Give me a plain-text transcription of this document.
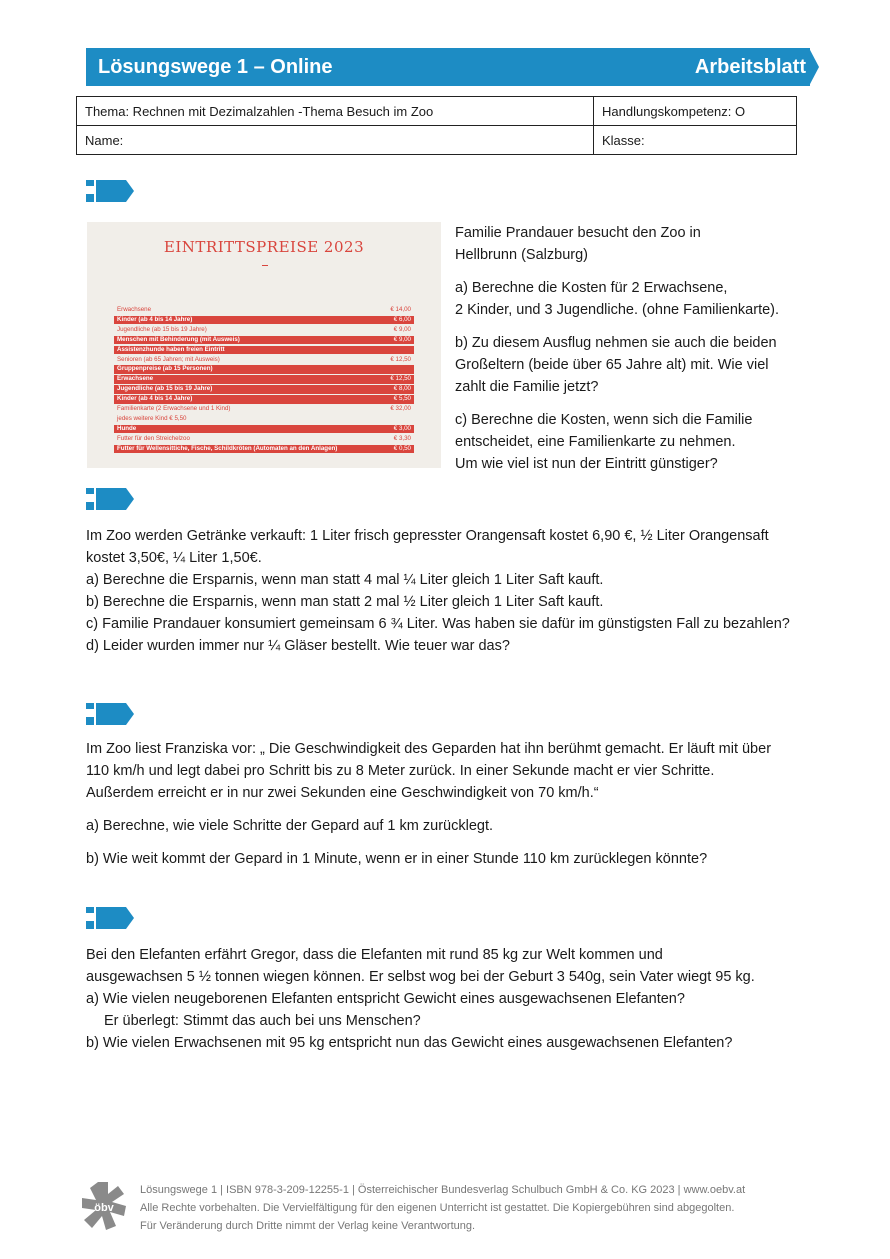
Lösungswege 1 – Online	Arbeitsblatt
Thema: Rechnen mit Dezimalzahlen -Thema Besuch im Zoo	Handlungskompetenz: O
Name:	Klasse:
EINTRITTSPREISE 2023
Erwachsene	€ 14,00
Kinder (ab 4 bis 14 Jahre)	€ 6,00
Jugendliche (ab 15 bis 19 Jahre)	€ 9,00
Menschen mit Behinderung (mit Ausweis)	€ 9,00
Assistenzhunde haben freien Eintritt
Senioren (ab 65 Jahren; mit Ausweis)	€ 12,50
Gruppenpreise (ab 15 Personen)
Erwachsene	€ 12,50
Jugendliche (ab 15 bis 19 Jahre)	€ 8,00
Kinder (ab 4 bis 14 Jahre)	€ 5,50
Familienkarte (2 Erwachsene und 1 Kind)	€ 32,00
jedes weitere Kind € 5,50
Hunde	€ 3,00
Futter für den Streichelzoo	€ 3,30
Futter für Wellensittiche, Fische, Schildkröten (Automaten an den Anlagen)	€ 0,50

Familie Prandauer besucht den Zoo in

Hellbrunn (Salzburg)

a) Berechne die Kosten für 2 Erwachsene,

2 Kinder, und 3 Jugendliche. (ohne Familienkarte).

b) Zu diesem Ausflug nehmen sie auch die beiden

Großeltern (beide über 65 Jahre alt) mit. Wie viel

zahlt die Familie jetzt?

c) Berechne die Kosten, wenn sich die Familie

entscheidet, eine Familienkarte zu nehmen.

Um wie viel ist nun der Eintritt günstiger?

Im Zoo werden Getränke verkauft: 1 Liter frisch gepresster Orangensaft kostet 6,90 €, ½ Liter Orangensaft

kostet 3,50€, ¼ Liter 1,50€.

a) Berechne die Ersparnis, wenn man statt 4 mal ¼ Liter gleich 1 Liter Saft kauft.

b) Berechne die Ersparnis, wenn man statt 2 mal ½ Liter gleich 1 Liter Saft kauft.

c) Familie Prandauer konsumiert gemeinsam 6 ¾ Liter. Was haben sie dafür im günstigsten Fall zu bezahlen?

d) Leider wurden immer nur ¼ Gläser bestellt. Wie teuer war das?

Im Zoo liest Franziska vor: „ Die Geschwindigkeit des Geparden hat ihn berühmt gemacht. Er läuft mit über

110 km/h und legt dabei pro Schritt bis zu 8 Meter zurück. In einer Sekunde macht er vier Schritte.

Außerdem erreicht er in nur zwei Sekunden eine Geschwindigkeit von 70 km/h.“

a) Berechne, wie viele Schritte der Gepard auf 1 km zurücklegt.

b) Wie weit kommt der Gepard in 1 Minute, wenn er in einer Stunde 110 km zurücklegen könnte?

Bei den Elefanten erfährt Gregor, dass die Elefanten mit rund 85 kg zur Welt kommen und

ausgewachsen 5 ½ tonnen wiegen können. Er selbst wog bei der Geburt 3 540g, sein Vater wiegt 95 kg.

a) Wie vielen neugeborenen Elefanten entspricht Gewicht eines ausgewachsenen Elefanten?

Er überlegt: Stimmt das auch bei uns Menschen?

b) Wie vielen Erwachsenen mit 95 kg entspricht nun das Gewicht eines ausgewachsenen Elefanten?

öbv
Lösungswege 1 | ISBN 978-3-209-12255-1 | Österreichischer Bundesverlag Schulbuch GmbH & Co. KG 2023 | www.oebv.at
Alle Rechte vorbehalten. Die Vervielfältigung für den eigenen Unterricht ist gestattet. Die Kopiergebühren sind abgegolten.
Für Veränderung durch Dritte nimmt der Verlag keine Verantwortung.
